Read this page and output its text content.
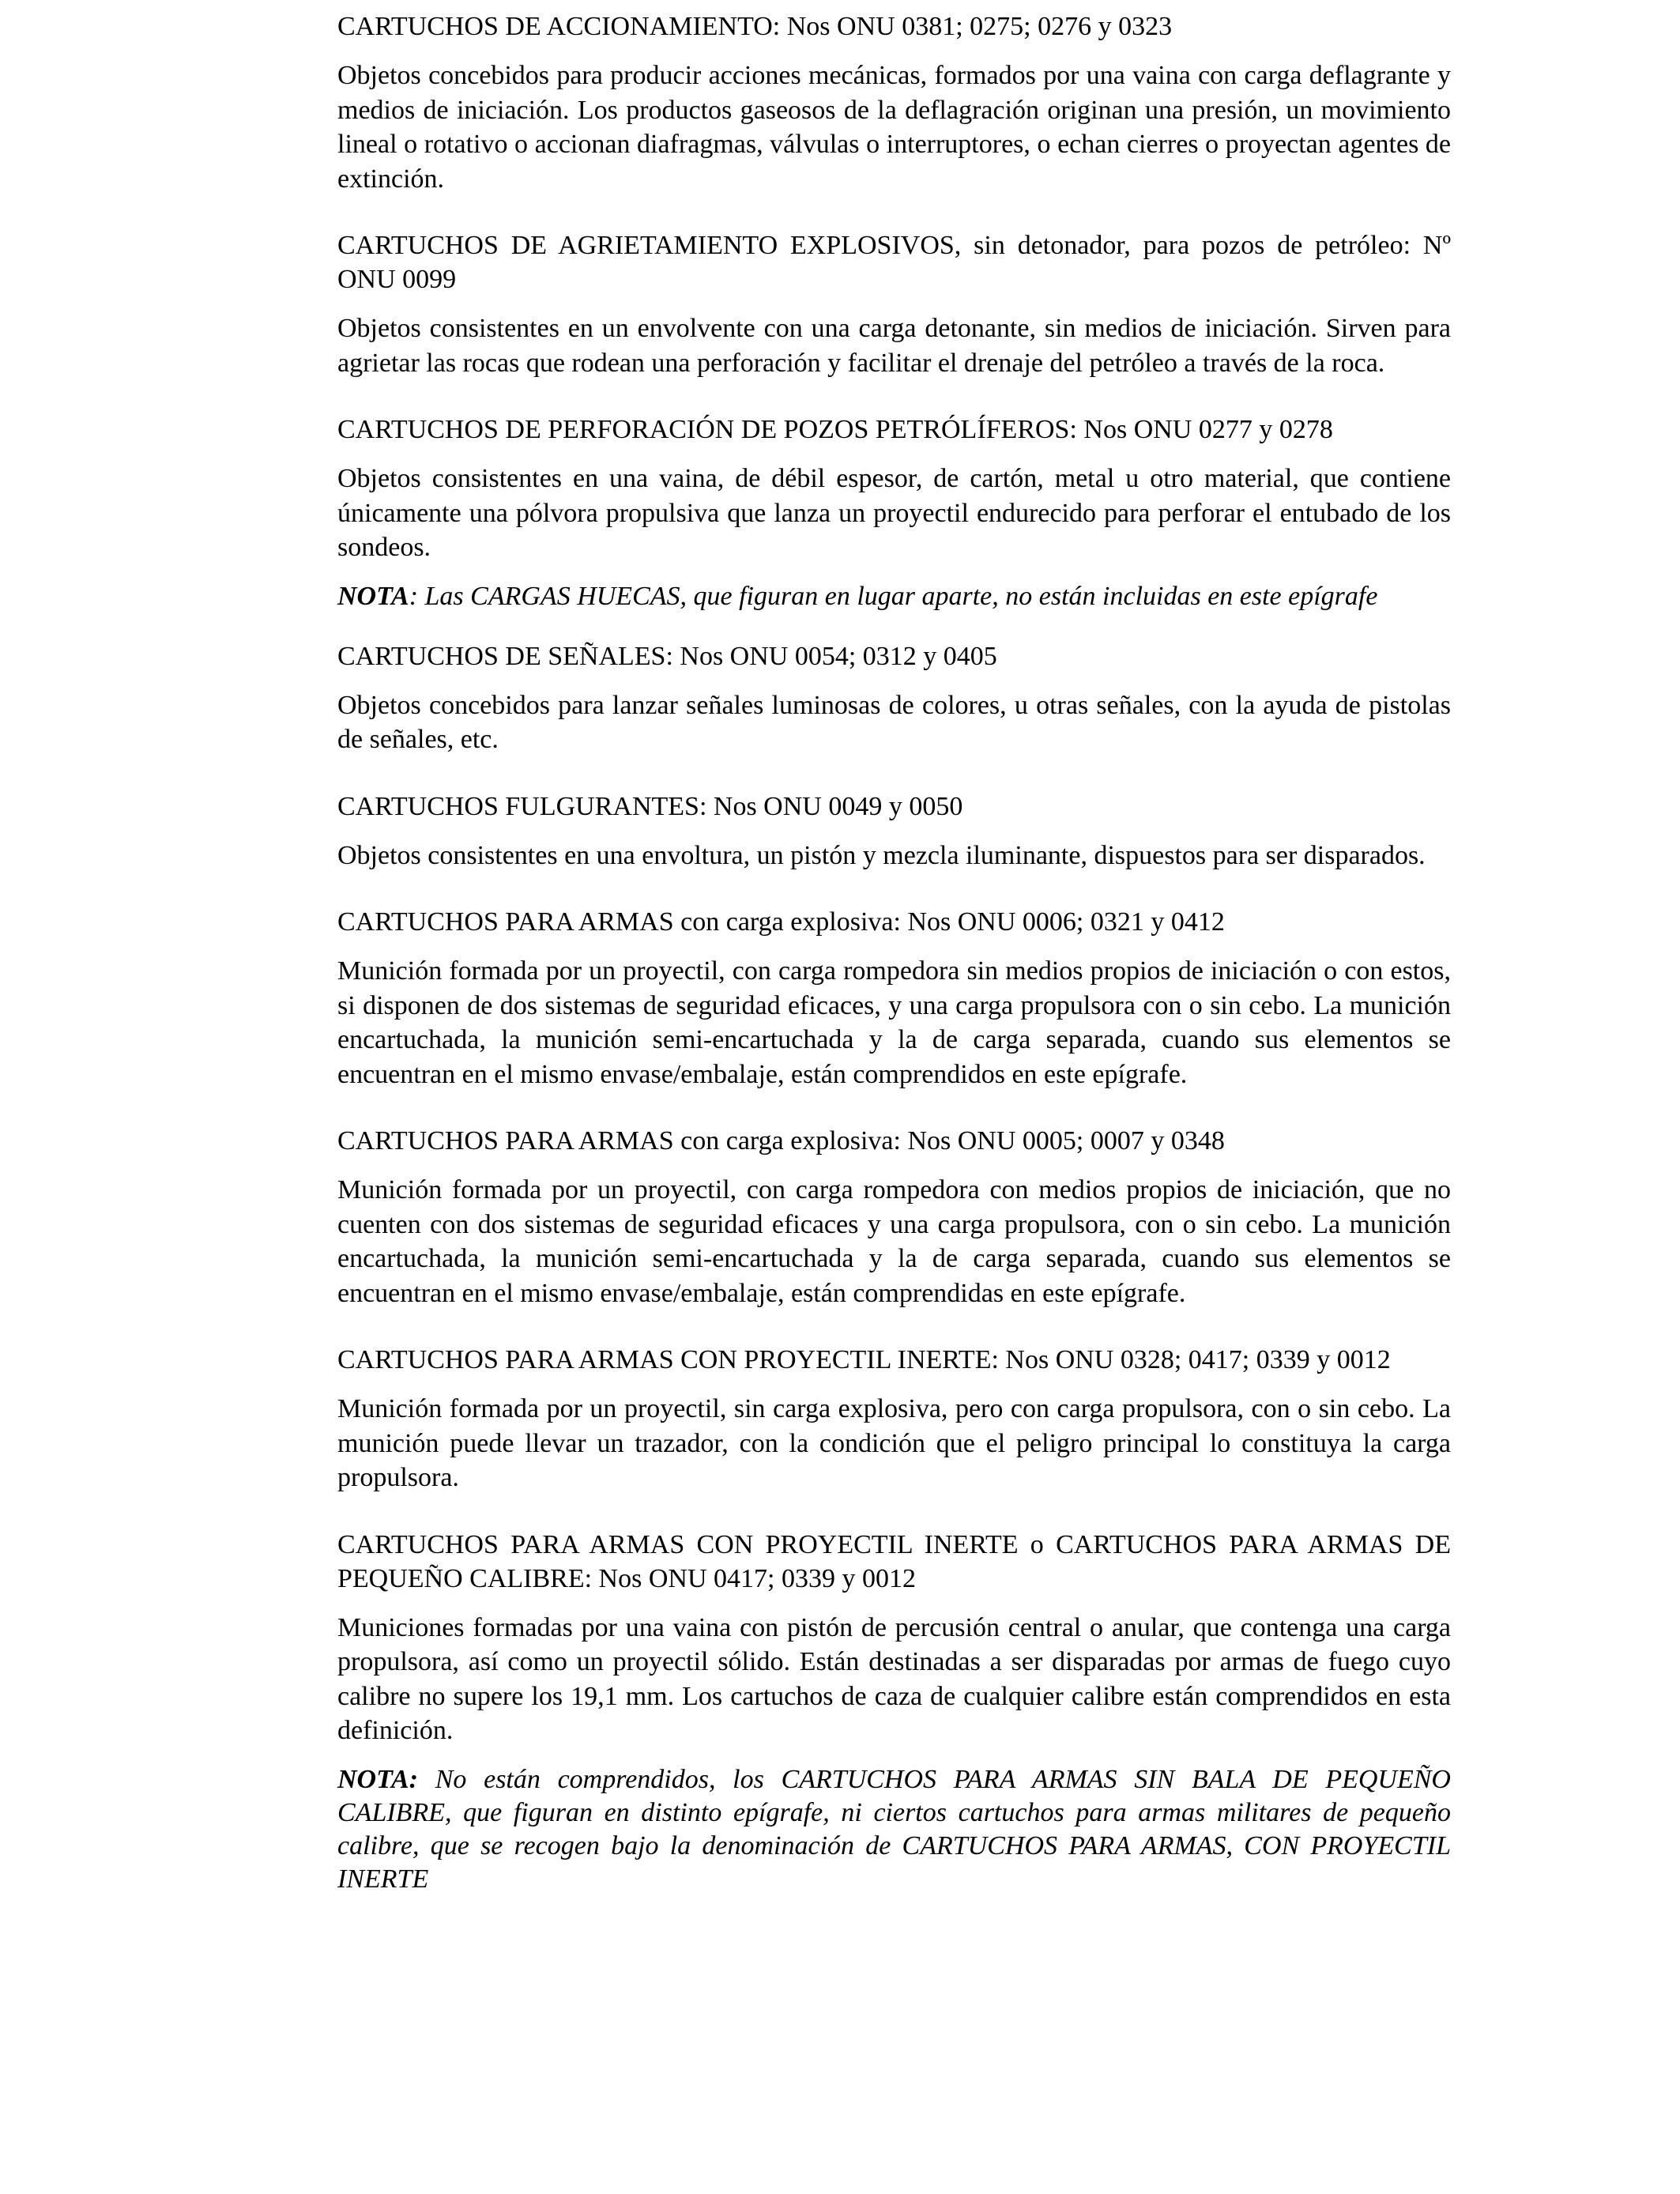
CARTUCHOS DE ACCIONAMIENTO: Nos ONU 0381; 0275; 0276 y 0323

Objetos concebidos para producir acciones mecánicas, formados por una vaina con carga deflagrante y medios de iniciación. Los productos gaseosos de la deflagración originan una presión, un movimiento lineal o rotativo o accionan diafragmas, válvulas o interruptores, o echan cierres o proyectan agentes de extinción.

CARTUCHOS DE AGRIETAMIENTO EXPLOSIVOS, sin detonador, para pozos de petróleo: Nº ONU 0099

Objetos consistentes en un envolvente con una carga detonante, sin medios de iniciación. Sirven para agrietar las rocas que rodean una perforación y facilitar el drenaje del petróleo a través de la roca.

CARTUCHOS DE PERFORACIÓN DE POZOS PETRÓLÍFEROS: Nos ONU 0277 y 0278

Objetos consistentes en una vaina, de débil espesor, de cartón, metal u otro material, que contiene únicamente una pólvora propulsiva que lanza un proyectil endurecido para perforar el entubado de los sondeos.

NOTA: Las CARGAS HUECAS, que figuran en lugar aparte, no están incluidas en este epígrafe

CARTUCHOS DE SEÑALES: Nos ONU 0054; 0312 y 0405

Objetos concebidos para lanzar señales luminosas de colores, u otras señales, con la ayuda de pistolas de señales, etc.

CARTUCHOS FULGURANTES: Nos ONU 0049 y 0050

Objetos consistentes en una envoltura, un pistón y mezcla iluminante, dispuestos para ser disparados.

CARTUCHOS PARA ARMAS con carga explosiva: Nos ONU 0006; 0321 y 0412

Munición formada por un proyectil, con carga rompedora sin medios propios de iniciación o con estos, si disponen de dos sistemas de seguridad eficaces, y una carga propulsora con o sin cebo. La munición encartuchada, la munición semi-encartuchada y la de carga separada, cuando sus elementos se encuentran en el mismo envase/embalaje, están comprendidos en este epígrafe.

CARTUCHOS PARA ARMAS con carga explosiva: Nos ONU 0005; 0007 y 0348

Munición formada por un proyectil, con carga rompedora con medios propios de iniciación, que no cuenten con dos sistemas de seguridad eficaces y una carga propulsora, con o sin cebo. La munición encartuchada, la munición semi-encartuchada y la de carga separada, cuando sus elementos se encuentran en el mismo envase/embalaje, están comprendidas en este epígrafe.

CARTUCHOS PARA ARMAS CON PROYECTIL INERTE: Nos ONU 0328; 0417; 0339 y 0012

Munición formada por un proyectil, sin carga explosiva, pero con carga propulsora, con o sin cebo. La munición puede llevar un trazador, con la condición que el peligro principal lo constituya la carga propulsora.

CARTUCHOS PARA ARMAS CON PROYECTIL INERTE o CARTUCHOS PARA ARMAS DE PEQUEÑO CALIBRE: Nos ONU 0417; 0339 y 0012

Municiones formadas por una vaina con pistón de percusión central o anular, que contenga una carga propulsora, así como un proyectil sólido. Están destinadas a ser disparadas por armas de fuego cuyo calibre no supere los 19,1 mm. Los cartuchos de caza de cualquier calibre están comprendidos en esta definición.

NOTA: No están comprendidos, los CARTUCHOS PARA ARMAS SIN BALA DE PEQUEÑO CALIBRE, que figuran en distinto epígrafe, ni ciertos cartuchos para armas militares de pequeño calibre, que se recogen bajo la denominación de CARTUCHOS PARA ARMAS, CON PROYECTIL INERTE
